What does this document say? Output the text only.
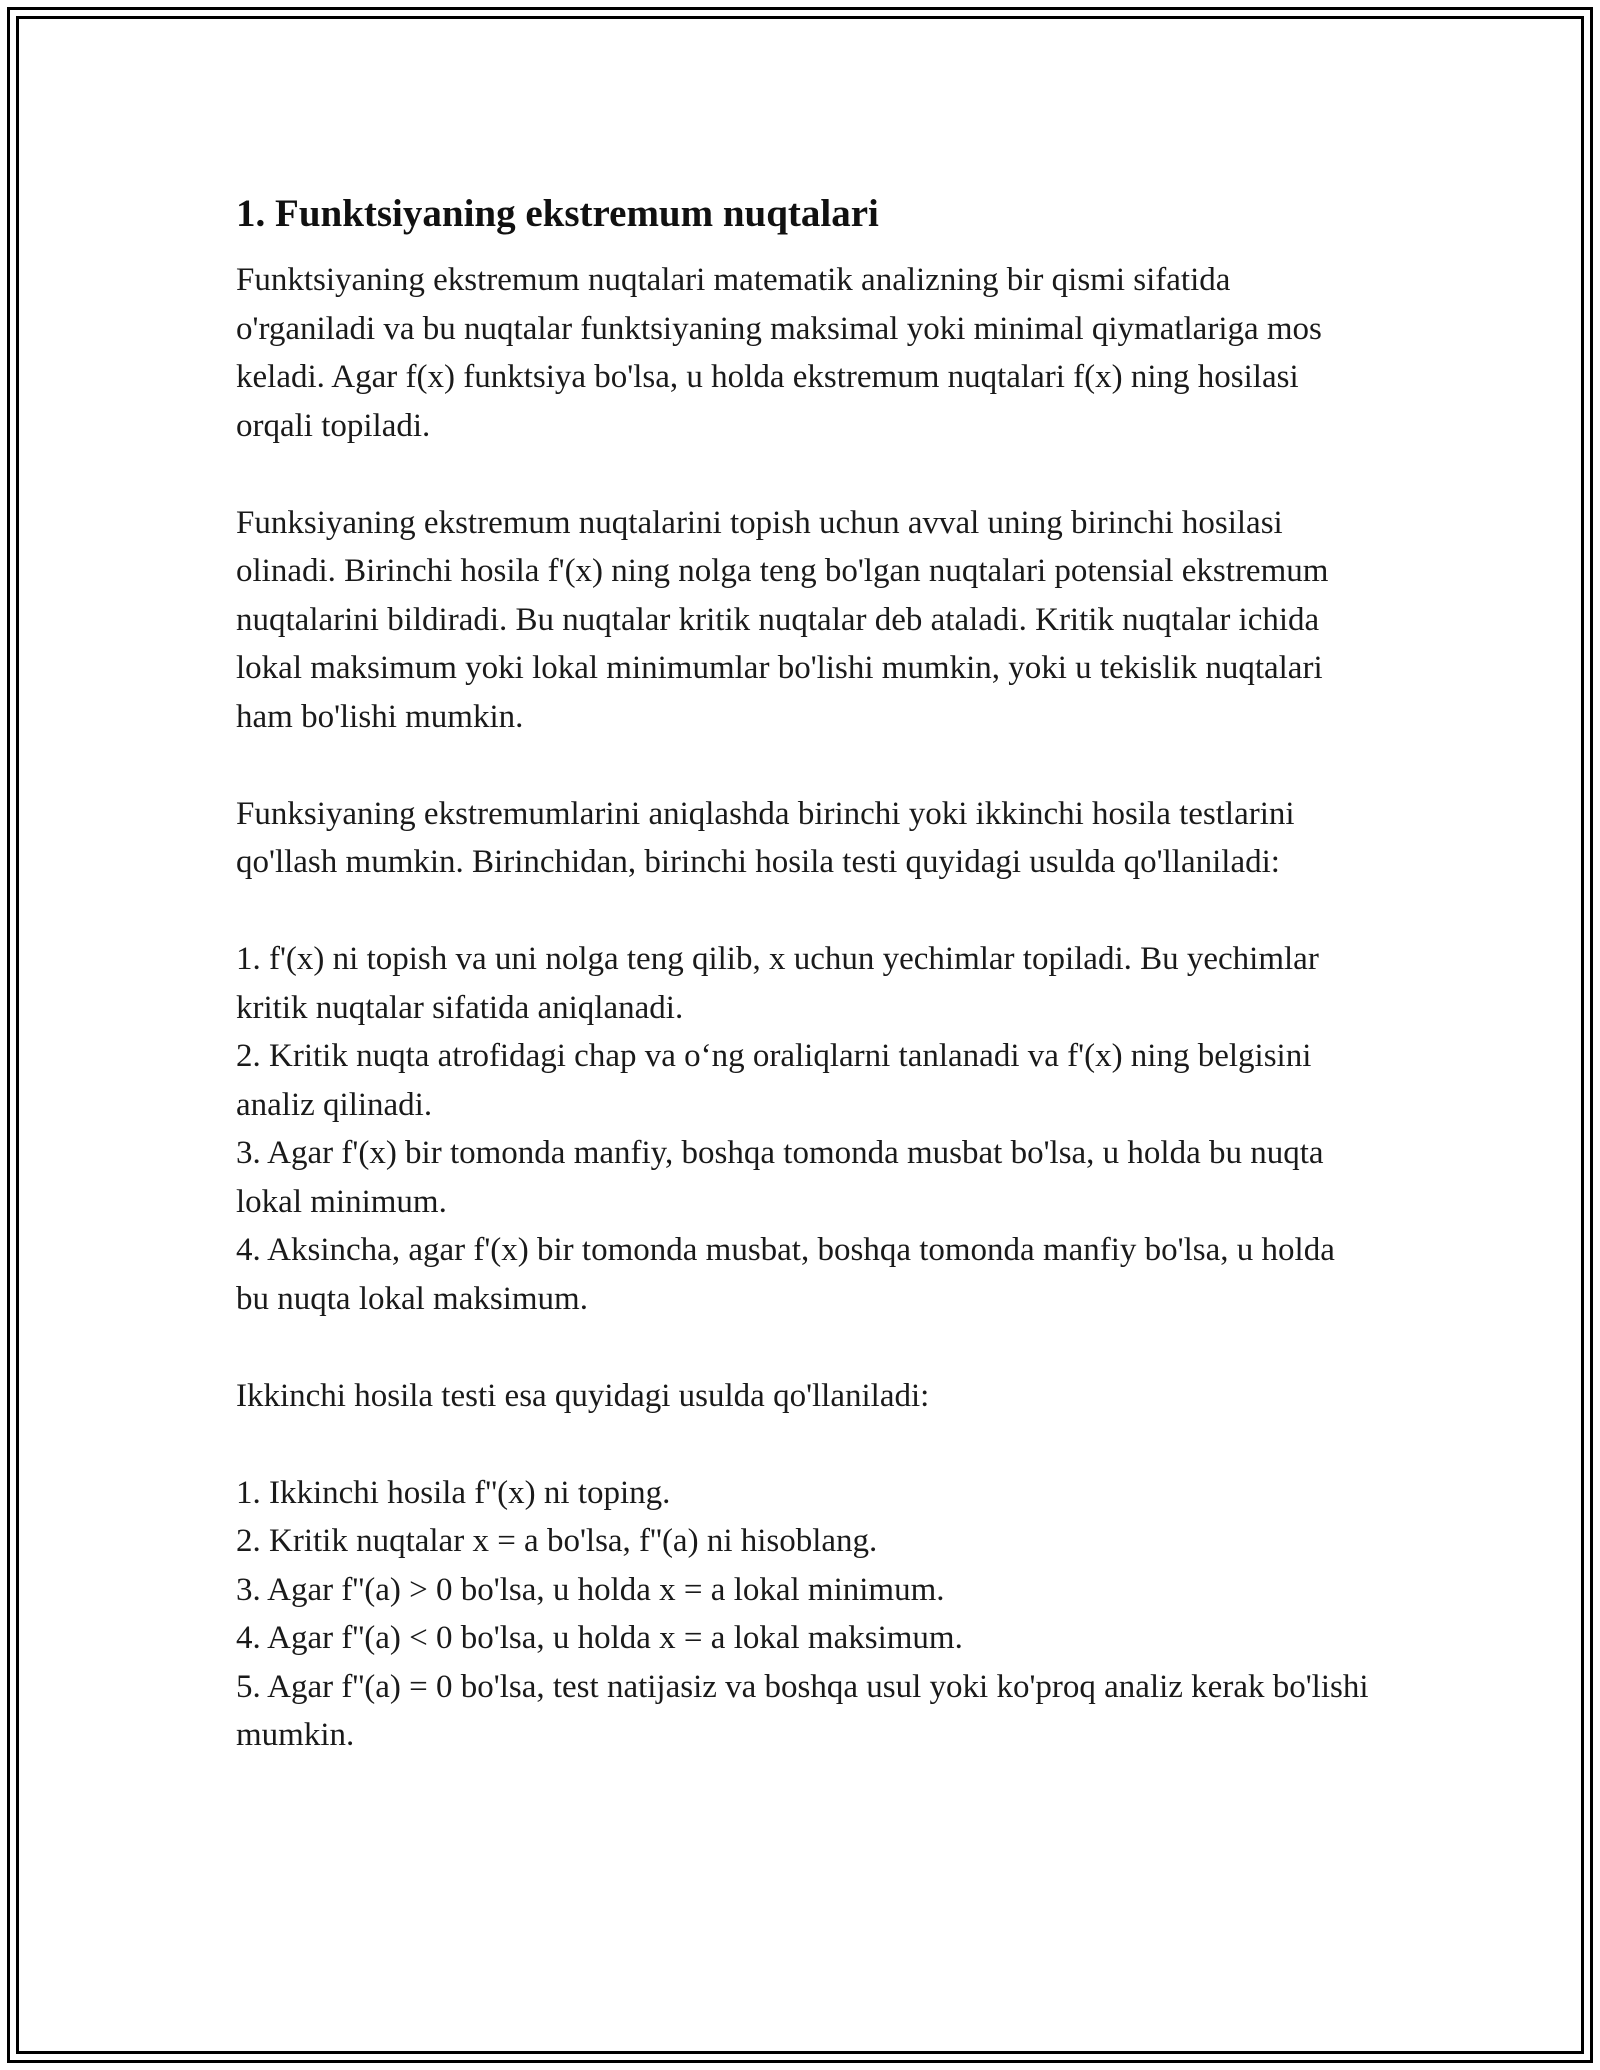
1. Funktsiyaning ekstremum nuqtalari

Funktsiyaning ekstremum nuqtalari matematik analizning bir qismi sifatida o'rganiladi va bu nuqtalar funktsiyaning maksimal yoki minimal qiymatlariga mos keladi. Agar f(x) funktsiya bo'lsa, u holda ekstremum nuqtalari f(x) ning hosilasi orqali topiladi.

Funksiyaning ekstremum nuqtalarini topish uchun avval uning birinchi hosilasi olinadi. Birinchi hosila f'(x) ning nolga teng bo'lgan nuqtalari potensial ekstremum nuqtalarini bildiradi. Bu nuqtalar kritik nuqtalar deb ataladi. Kritik nuqtalar ichida lokal maksimum yoki lokal minimumlar bo'lishi mumkin, yoki u tekislik nuqtalari ham bo'lishi mumkin.

Funksiyaning ekstremumlarini aniqlashda birinchi yoki ikkinchi hosila testlarini qo'llash mumkin. Birinchidan, birinchi hosila testi quyidagi usulda qo'llaniladi:

1. f'(x) ni topish va uni nolga teng qilib, x uchun yechimlar topiladi. Bu yechimlar kritik nuqtalar sifatida aniqlanadi.
2. Kritik nuqta atrofidagi chap va o‘ng oraliqlarni tanlanadi va f'(x) ning belgisini analiz qilinadi.
3. Agar f'(x) bir tomonda manfiy, boshqa tomonda musbat bo'lsa, u holda bu nuqta lokal minimum.
4. Aksincha, agar f'(x) bir tomonda musbat, boshqa tomonda manfiy bo'lsa, u holda bu nuqta lokal maksimum.

Ikkinchi hosila testi esa quyidagi usulda qo'llaniladi:

1. Ikkinchi hosila f''(x) ni toping.
2. Kritik nuqtalar x = a bo'lsa, f''(a) ni hisoblang.
3. Agar f''(a) > 0 bo'lsa, u holda x = a lokal minimum.
4. Agar f''(a) < 0 bo'lsa, u holda x = a lokal maksimum.
5. Agar f''(a) = 0 bo'lsa, test natijasiz va boshqa usul yoki ko'proq analiz kerak bo'lishi mumkin.
